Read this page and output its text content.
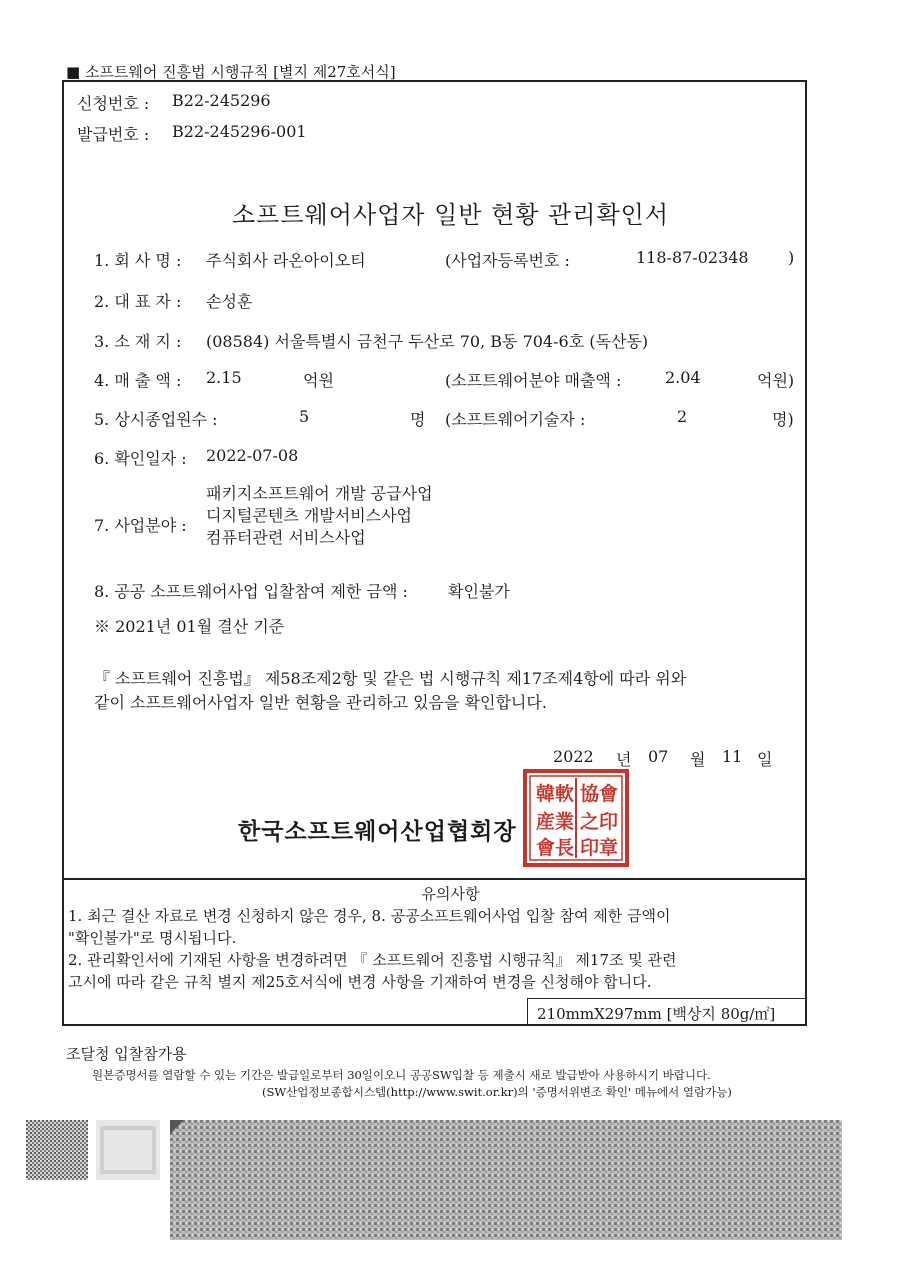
■ 소프트웨어 진흥법 시행규칙 [별지 제27호서식]
신청번호 : B22-245296
발급번호 : B22-245296-001
소프트웨어사업자 일반 현황 관리확인서
1. 회 사 명 : 주식회사 라온아이오티	(사업자등록번호 :	118-87-02348 )
2. 대 표 자 : 손성훈
3. 소 재 지 : (08584) 서울특별시 금천구 두산로 70, B동 704-6호 (독산동)
4. 매 출 액 : 2.15	억원	(소프트웨어분야 매출액 :	2.04	억원)
5. 상시종업원수 :	5	명 (소프트웨어기술자 :	2	명)
6. 확인일자 : 2022-07-08
7. 사업분야 :
패키지소프트웨어 개발 공급사업
디지털콘텐츠 개발서비스사업
컴퓨터관련 서비스사업
8. 공공 소프트웨어사업 입찰참여 제한 금액 :	확인불가
※ 2021년 01월 결산 기준
『 소프트웨어 진흥법』 제58조제2항 및 같은 법 시행규칙 제17조제4항에 따라 위와
같이 소프트웨어사업자 일반 현황을 관리하고 있음을 확인합니다.
2022 년 07 월 11 일
한국소프트웨어산업협회장
韓軟 協會
産業 之印
會長 印章
유의사항
1. 최근 결산 자료로 변경 신청하지 않은 경우, 8. 공공소프트웨어사업 입찰 참여 제한 금액이
"확인불가"로 명시됩니다.
2. 관리확인서에 기재된 사항을 변경하려면 『 소프트웨어 진흥법 시행규칙』 제17조 및 관련
고시에 따라 같은 규칙 별지 제25호서식에 변경 사항을 기재하여 변경을 신청해야 합니다.
210mmX297mm [백상지 80g/㎡]
조달청 입찰참가용
원본증명서를 열람할 수 있는 기간은 발급일로부터 30일이오니 공공SW입찰 등 제출시 새로 발급받아 사용하시기 바랍니다.
(SW산업정보종합시스템(http://www.swit.or.kr)의 '증명서위변조 확인' 메뉴에서 열람가능)
